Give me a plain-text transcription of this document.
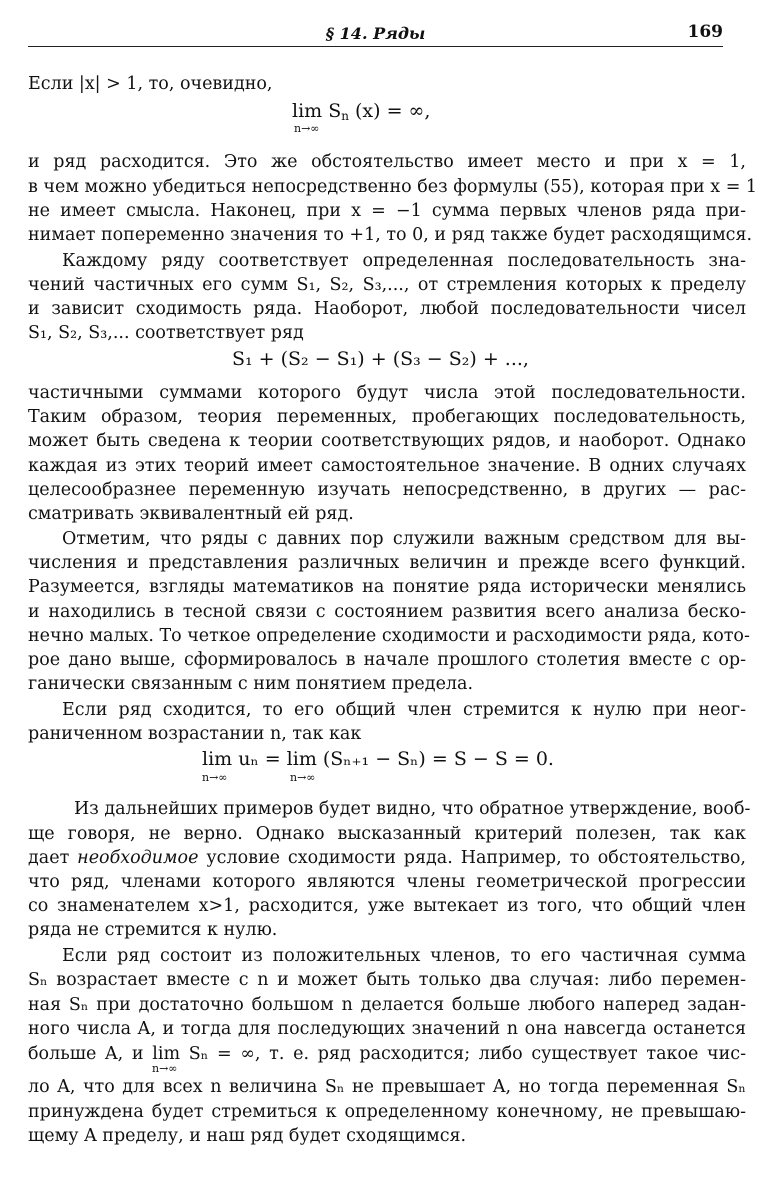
§ 14. Ряды	169
Если |x| > 1, то, очевидно,
lim Sn (x) = ∞,
n→∞
и ряд расходится. Это же обстоятельство имеет место и при x = 1,
в чем можно убедиться непосредственно без формулы (55), которая при x = 1
не имеет смысла. Наконец, при x = −1 сумма первых членов ряда при-
нимает попеременно значения то +1, то 0, и ряд также будет расходящимся.
Каждому ряду соответствует определенная последовательность зна-
чений частичных его сумм S₁, S₂, S₃,..., от стремления которых к пределу
и зависит сходимость ряда. Наоборот, любой последовательности чисел
S₁, S₂, S₃,... соответствует ряд
S₁ + (S₂ − S₁) + (S₃ − S₂) + ...,
частичными суммами которого будут числа этой последовательности.
Таким образом, теория переменных, пробегающих последовательность,
может быть сведена к теории соответствующих рядов, и наоборот. Однако
каждая из этих теорий имеет самостоятельное значение. В одних случаях
целесообразнее переменную изучать непосредственно, в других — рас-
сматривать эквивалентный ей ряд.
Отметим, что ряды с давних пор служили важным средством для вы-
числения и представления различных величин и прежде всего функций.
Разумеется, взгляды математиков на понятие ряда исторически менялись
и находились в тесной связи с состоянием развития всего анализа беско-
нечно малых. То четкое определение сходимости и расходимости ряда, кото-
рое дано выше, сформировалось в начале прошлого столетия вместе с ор-
ганически связанным с ним понятием предела.
Если ряд сходится, то его общий член стремится к нулю при неог-
раниченном возрастании n, так как
lim uₙ = lim (Sₙ₊₁ − Sₙ) = S − S = 0.
n→∞	n→∞
Из дальнейших примеров будет видно, что обратное утверждение, вооб-
ще говоря, не верно. Однако высказанный критерий полезен, так как
дает необходимое условие сходимости ряда. Например, то обстоятельство,
что ряд, членами которого являются члены геометрической прогрессии
со знаменателем x>1, расходится, уже вытекает из того, что общий член
ряда не стремится к нулю.
Если ряд состоит из положительных членов, то его частичная сумма
Sₙ возрастает вместе с n и может быть только два случая: либо перемен-
ная Sₙ при достаточно большом n делается больше любого наперед задан-
ного числа A, и тогда для последующих значений n она навсегда останется
больше A, и lim Sₙ = ∞, т. е. ряд расходится; либо существует такое чис-
n→∞
ло A, что для всех n величина Sₙ не превышает A, но тогда переменная Sₙ
принуждена будет стремиться к определенному конечному, не превышаю-
щему A пределу, и наш ряд будет сходящимся.
